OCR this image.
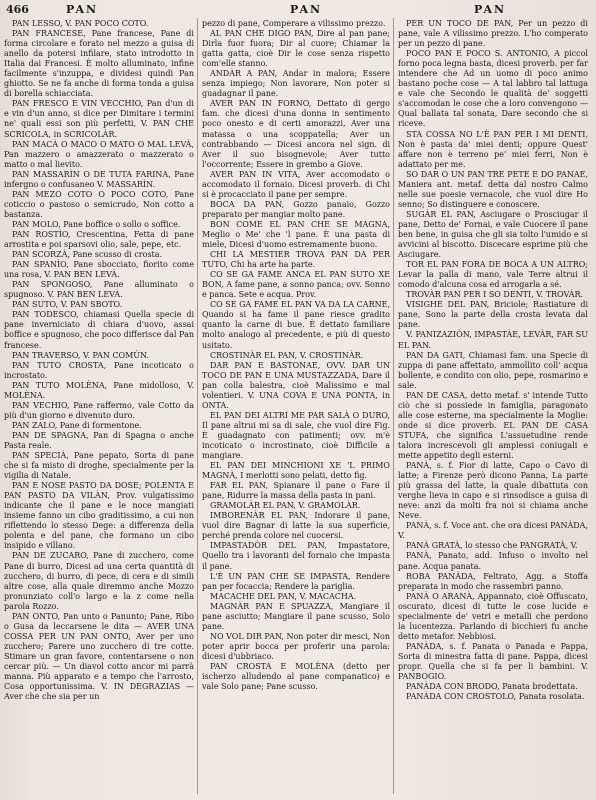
466	PAN	PAN	PAN

PAN LESSO, V. PAN POCO COTO.

PAN FRANCESE, Pane francese, Pane di forma circolare e forato nel mezzo a guisa di anello da potersi infilare, stato introdotto in Italia dai Francesi. È molto alluminato, infine facilmente s'inzuppa, e dividesi quindi Pan ghiotto. Se ne fa anche di forma tonda a guisa di borella schiacciata.

PAN FRESCO E VIN VECCHIO, Pan d'un di e vin d'un anno, si dice per Dimitare i termini ne' quali essi son più perfetti, V. PAN CHE SCRICOLA, in SCRICOLÀR.

PAN MACÀ O MACO O MATO O MAL LEVÀ, Pan mazzero o amazzerato o mazzerato o matto o mal lievito.

PAN MASSARÌN O DE TUTA FARINA, Pane infergno o confusaneo V. MASSARÌN.

PAN MEZO COTO O POCO COTO, Pane coticcio o pastoso o semicrudo, Non cotto a bastanza.

PAN MOLO, Pane boffice o sollo o soffice.

PAN ROSTÌO, Crescentina, Fetta di pane arrostita e poi sparsovi olio, sale, pepe, etc.

PAN SCORZÀ, Pane scusso di crosta.

PAN SPANÌO, Pane sbocciato, fiorito come una rosa, V. PAN BEN LEVÀ.

PAN SPONGOSO, Pane alluminato o spugnoso. V. PAN BEN LEVÀ.

PAN SUTO, V. PAN SBOTO.

PAN TODESCO, chiamasi Quella specie di pane inverniciato di chiara d'uovo, assai boffice e spugnoso, che poco differisce dal Pan francese.

PAN TRAVERSO, V. PAN COMÙN.

PAN TUTO CROSTA, Pane incoticato o incrostato.

PAN TUTO MOLÈNA, Pane midolloso, V. MOLÈNA.

PAN VECHIO, Pane raffermo, vale Cotto da più d'un giorno e divenuto duro.

PAN ZALO, Pane di formentone.

PAN DE SPAGNA, Pan di Spagna o anche Pasta reale.

PAN SPECIÀ, Pane pepato, Sorta di pane che si fa misto di droghe, specialmente per la vigilia di Natale.

PAN E NOSE PASTO DA DOSE; POLENTA E PAN PASTO DA VILÀN, Prov. vulgatissimo indicante che il pane e le noce mangiati insieme fanno un cibo graditissimo, a cui non riflettendo lo stesso Dege: a differenza della polenta e del pane, che formano un cibo insipido e villano.

PAN DE ZUCARO, Pane di zucchero, come Pane di burro, Dicesi ad una certa quantità di zucchero, di burro, di pece, di cera e di simili altre cose, alla quale diremmo anche Mozzo pronunziato coll'o largo e la z come nella parola Rozzo.

PAN ONTO, Pan unto o Panunto; Pane, Ribo o Gusa da leccarsene le dita — AVER UNA COSSA PER UN PAN ONTO, Aver per uno zucchero; Parere uno zucchero di tre cotte. Stimare un gran favore, contentarsene o non cercar più. — Un diavol cotto ancor mi parrà manna. Più apparato e a tempo che l'arrosto, Cosa opportunissima. V. IN DEGRAZIAS — Aver che che sia per un

pezzo di pane, Comperare a vilissimo prezzo.

AL PAN CHE DIGO PAN, Dire al pan pane; Dirla fuor fuora; Dir al cuore; Chiamar la gatta gatta, cioè Dir le cose senza rispetto com'elle stanno.

ANDÀR A PAN, Andar in malora; Essere senza impiego; Non lavorare, Non poter si guadagnar il pane.

AVER PAN IN FORNO, Dettato di gergo fam. che dicesi d'una donna in sentimento poco onesto e di certi amorazzi, Aver una matassa o una scoppatella; Aver un contrabbando — Dicesi ancora nel sign. di Aver il suo bisognevole; Aver tutto l'occorrente; Essere in grembo a Giove.

AVER PAN IN VITA, Aver accomodato o accomodato il fornaio. Dicesi proverb. di Chi si è procacciato il pane per sempre.

BOCA DA PAN, Gozzo panaio, Gozzo preparato per mangiar molto pane.

BON COME EL PAN CHE SE MAGNA, Meglio o Me' che 'l pane. È una pasta di miele, Dicesi d'uomo estremamente buono.

CHI LA MESTIER TROVA PAN DA PER TUTO, Chi ha arte ha parte.

CO SE GA FAME ANCA EL PAN SUTO XE BON, A fame pane, a sonno panca; ovv. Sonno e panca. Sete e acqua. Prov.

CO SE GA FAME EL PAN VA DA LA CARNE, Quando si ha fame il pane riesce gradito quanto la carne di bue. È dettato familiare molto analogo al precedente, e più di questo usitato.

CROSTINÀR EL PAN, V. CROSTINÀR.

DAR PAN E BASTONAE, OVV. DAR UN TOCO DE PAN E UNA MUSTAZZADA, Dare il pan colla balestra, cioè Malissimo e mal volentieri. V. UNA COVA E UNA PONTA, in ONTA.

EL PAN DEI ALTRI ME PAR SALÀ O DURO, Il pane altrui mi sa di sale, che vuol dire Fig. È guadagnato con patimenti; ovv. m'è incoticato o incrostinato, cioè Difficile a mangiare.

EL PAN DEI MINCHIONI XE 'L PRIMO MAGNÀ, I merlotti sono pelati, detto fig.

FAR EL PAN, Spianare il pane o Fare il pane, Ridurre la massa della pasta in pani.

GRAMOLÀR EL PAN, V. GRAMOLÀR.

IMBORENÀR EL PAN, Indorare il pane, vuol dire Bagnar di latte la sua superficie, perché prenda colore nel cuocersi.

IMPASTADÒR DEL PAN, Impastatore, Quello tra i lavoranti del fornaio che impasta il pane.

L'È UN PAN CHE SE IMPASTA, Rendere pan per focaccia; Rendere la pariglia.

MACACHE DEL PAN, V. MACACHA.

MAGNÀR PAN E SPUAZZA, Mangiare il pane asciutto; Mangiare il pane scusso, Solo pane.

NO VOL DIR PAN, Non poter dir mesci, Non poter aprir bocca per proferir una parola: dicesi d'ubbriaco.

PAN CROSTA E MOLÈNA (detto per ischerzo alludendo al pane companatico) e vale Solo pane; Pane scusso.

PER UN TOCO DE PAN, Per un pezzo di pane, vale A vilissimo prezzo. L'ho comperato per un pezzo di pane.

POCO PAN E POCO S. ANTONIO, A piccol forno poca legna basta, dicesi proverb. per far intendere che Ad un uomo di poco animo bastano poche cose — A tal labbro tal lattuga e vale che Secondo le qualità de' soggetti s'accomodan le cose che a loro convengono — Qual ballata tal sonata, Dare secondo che si riceve.

STA COSSA NO L'È PAN PER I MI DENTI, Non è pasta da' miei denti; oppure Quest' affare non è terreno pe' miei ferri, Non è adattato per me.

SO DAR O UN PAN TRE PETE E DO PANAE, Maniera ant. metaf. detta dal nostro Calmo nelle sue poesie vernacole, che vuol dire Ho senno; So distinguere e conoscere.

SUGÀR EL PAN, Asciugare o Prosciugar il pane, Detto de' Fornai, e vale Cuocere il pane ben bene, in guisa che gli sia tolto l'umido e si avvicini al biscotto. Discecare esprime più che Asciugare.

TOR EL PAN FORA DE BOCA A UN ALTRO; Levar la palla di mano, vale Terre altrui il comodo d'alcuna cosa ed arrogarla a sé.

TROVÀR PAN PER I SO DENTI, V. TROVÀR.

VISIGHE DEL PAN, Briciole; Rastiature di pane, Sono la parte della crosta levata dal pane.

V. PANIZAZIÒN, IMPASTÀE, LEVÀR, FAR SU EL PAN.

PAN DA GATI, Chiamasi fam. una Specie di zuppa di pane affettato, ammollito coll' acqua bollente, e condito con olio, pepe, rosmarino e sale.

PAN DE CASA, detto metaf. s' intende Tutto ciò che si possiede in famiglia, paragonato alle cose esterne, ma specialmente la Moglie: onde si dice proverb. EL PAN DE CASA STUFA, che significa L'assuetudine rende talora increscevoli gli amplessi coniugali e mette appetito degli esterni.

PANÀ, s. f. Fior di latte, Capo o Cavo di latte; a Firenze però dicono Panna, La parte più grassa del latte, la quale dibattuta con verghe lieva in capo e si rinsodisce a guisa di neve: anzi da molti fra noi si chiama anche Neve.

PANÀ, s. f. Voce ant. che ora dicesi PANÀDA, V.

PANÀ GRATÀ, lo stesso che PANGRATÀ, V.

PANÀ, Panato, add. Infuso o involto nel pane. Acqua panata.

ROBA PANÀDA, Feltrato, Agg. a Stoffa preparata in modo che rassembri panno.

PANÀ O ARANÀ, Appannato, cioè Offuscato, oscurato, dicesi di tutte le cose lucide e specialmente de' vetri e metalli che perdono la lucentezza. Parlando di bicchieri fu anche detto metafor. Nebbiosi.

PANÀDA, s. f. Panata o Panada e Pappa, Sorta di minestra fatta di pane. Pappa, dicesi propr. Quella che si fa per li bambini. V. PANBOGIO.

PANÀDA CON BRODO, Panata brodettata.

PANÀDA CON CROSTOLO, Panata rosolata.
